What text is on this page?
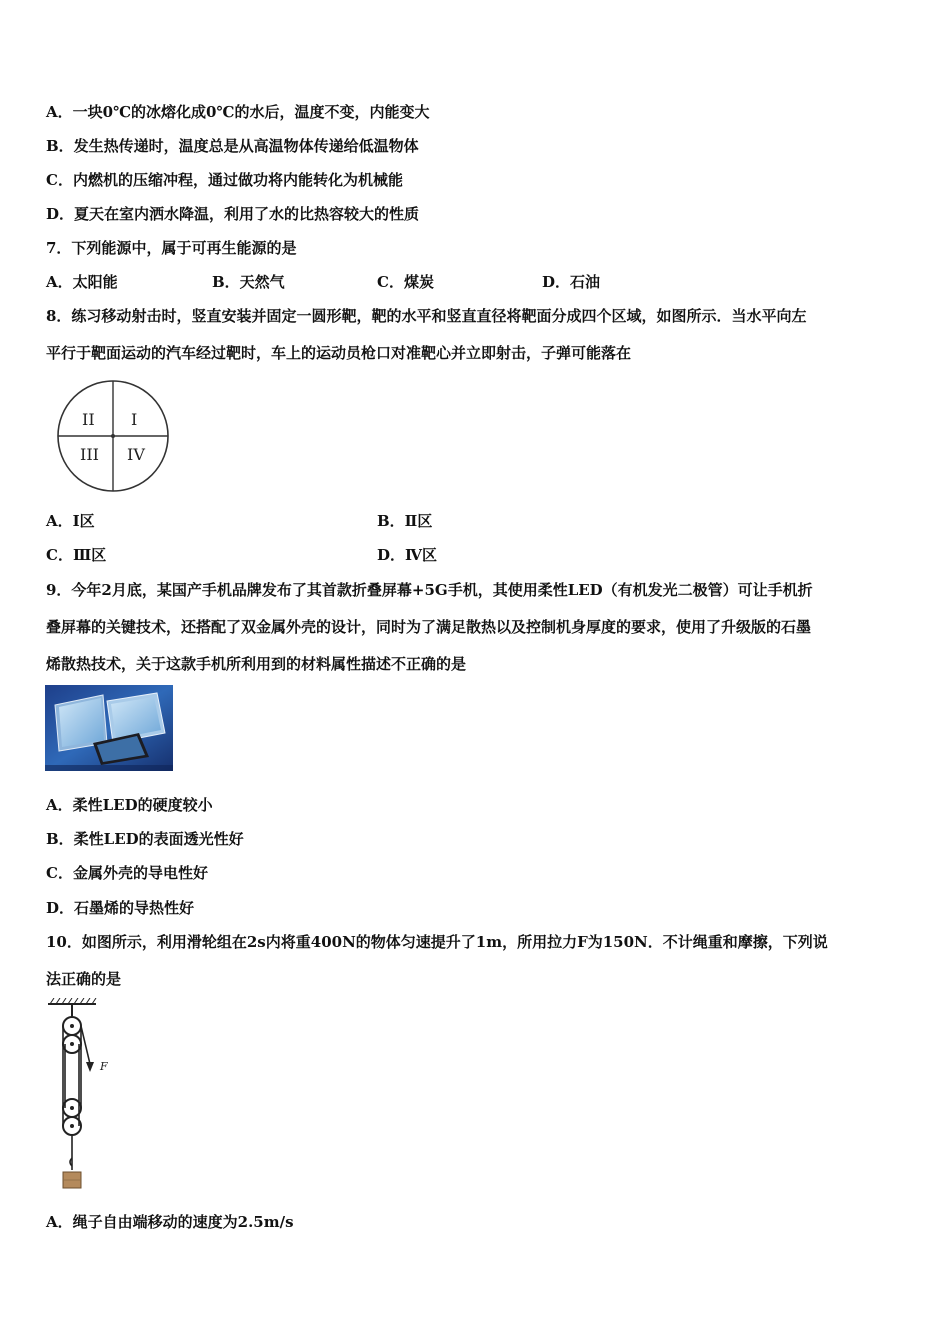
A．一块0℃的冰熔化成0℃的水后，温度不变，内能变大
B．发生热传递时，温度总是从高温物体传递给低温物体
C．内燃机的压缩冲程，通过做功将内能转化为机械能
D．夏天在室内洒水降温，利用了水的比热容较大的性质
7．下列能源中，属于可再生能源的是
A．太阳能	B．天然气	C．煤炭	D．石油
8．练习移动射击时，竖直安装并固定一圆形靶，靶的水平和竖直直径将靶面分成四个区域，如图所示．当水平向左
平行于靶面运动的汽车经过靶时，车上的运动员枪口对准靶心并立即射击，子弹可能落在
II I
III IV
A．Ⅰ区	B．Ⅱ区
C．Ⅲ区	D．Ⅳ区
9．今年2月底，某国产手机品牌发布了其首款折叠屏幕+5G手机，其使用柔性LED（有机发光二极管）可让手机折
叠屏幕的关键技术，还搭配了双金属外壳的设计，同时为了满足散热以及控制机身厚度的要求，使用了升级版的石墨
烯散热技术，关于这款手机所利用到的材料属性描述不正确的是
A．柔性LED的硬度较小
B．柔性LED的表面透光性好
C．金属外壳的导电性好
D．石墨烯的导热性好
10．如图所示，利用滑轮组在2s内将重400N的物体匀速提升了1m，所用拉力F为150N．不计绳重和摩擦，下列说
法正确的是
F
A．绳子自由端移动的速度为2.5m/s
